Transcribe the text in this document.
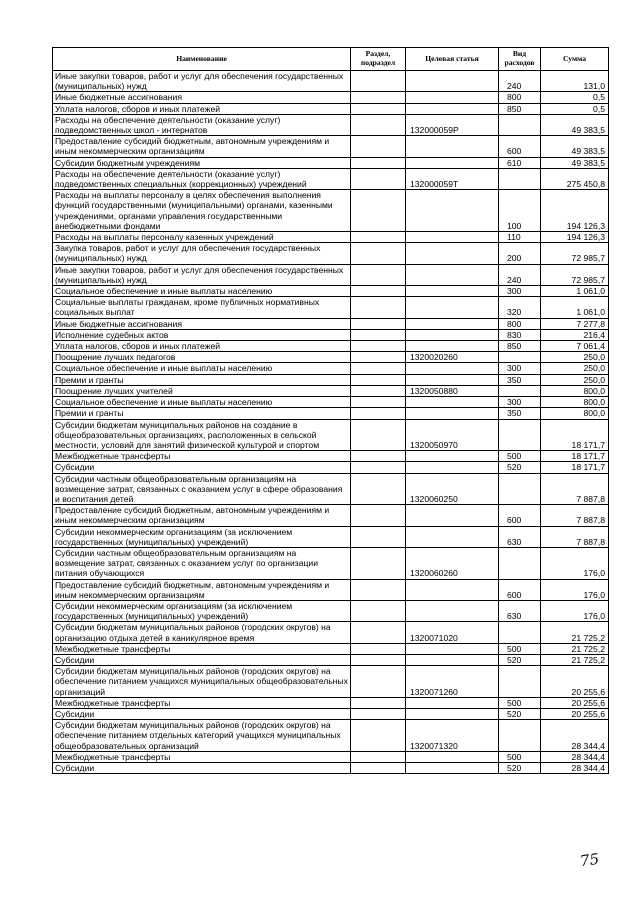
Наименование	Раздел, подраздел	Целевая статья	Вид расходов	Сумма
Иные закупки товаров, работ и услуг для обеспечения государственных (муниципальных) нужд			240	131,0
Иные бюджетные ассигнования			800	0,5
Уплата налогов, сборов и иных платежей			850	0,5
Расходы на обеспечение деятельности (оказание услуг) подведомственных школ - интернатов		132000059Р		49 383,5
Предоставление субсидий бюджетным, автономным учреждениям и иным некоммерческим организациям			600	49 383,5
Субсидии бюджетным учреждениям			610	49 383,5
Расходы на обеспечение деятельности (оказание услуг) подведомственных специальных (коррекционных) учреждений		132000059Т		275 450,8
Расходы на выплаты персоналу в целях обеспечения выполнения функций государственными (муниципальными) органами, казенными учреждениями, органами управления государственными внебюджетными фондами			100	194 126,3
Расходы на выплаты персоналу казенных учреждений			110	194 126,3
Закупка товаров, работ и услуг для обеспечения государственных (муниципальных) нужд			200	72 985,7
Иные закупки товаров, работ и услуг для обеспечения государственных (муниципальных) нужд			240	72 985,7
Социальное обеспечение и иные выплаты населению			300	1 061,0
Социальные выплаты гражданам, кроме публичных нормативных социальных выплат			320	1 061,0
Иные бюджетные ассигнования			800	7 277,8
Исполнение судебных актов			830	216,4
Уплата налогов, сборов и иных платежей			850	7 061,4
Поощрение лучших педагогов		1320020260		250,0
Социальное обеспечение и иные выплаты населению			300	250,0
Премии и гранты			350	250,0
Поощрение лучших учителей		1320050880		800,0
Социальное обеспечение и иные выплаты населению			300	800,0
Премии и гранты			350	800,0
Субсидии бюджетам муниципальных районов на создание в общеобразовательных организациях, расположенных в сельской местности, условий для занятий физической культурой и спортом		1320050970		18 171,7
Межбюджетные трансферты			500	18 171,7
Субсидии			520	18 171,7
Субсидии частным общеобразовательным организациям на возмещение затрат, связанных с оказанием услуг в сфере образования и воспитания детей		1320060250		7 887,8
Предоставление субсидий бюджетным, автономным учреждениям и иным некоммерческим организациям			600	7 887,8
Субсидии некоммерческим организациям (за исключением государственных (муниципальных) учреждений)			630	7 887,8
Субсидии частным общеобразовательным организациям на возмещение затрат, связанных с оказанием услуг по организации питания обучающихся		1320060260		176,0
Предоставление субсидий бюджетным, автономным учреждениям и иным некоммерческим организациям			600	176,0
Субсидии некоммерческим организациям (за исключением государственных (муниципальных) учреждений)			630	176,0
Субсидии бюджетам муниципальных районов (городских округов) на организацию отдыха детей в каникулярное время		1320071020		21 725,2
Межбюджетные трансферты			500	21 725,2
Субсидии			520	21 725,2
Субсидии бюджетам муниципальных районов (городских округов) на обеспечение питанием учащихся муниципальных общеобразовательных организаций		1320071260		20 255,6
Межбюджетные трансферты			500	20 255,6
Субсидии			520	20 255,6
Субсидии бюджетам муниципальных районов (городских округов) на обеспечение питанием отдельных категорий учащихся муниципальных общеобразовательных организаций		1320071320		28 344,4
Межбюджетные трансферты			500	28 344,4
Субсидии			520	28 344,4
75
